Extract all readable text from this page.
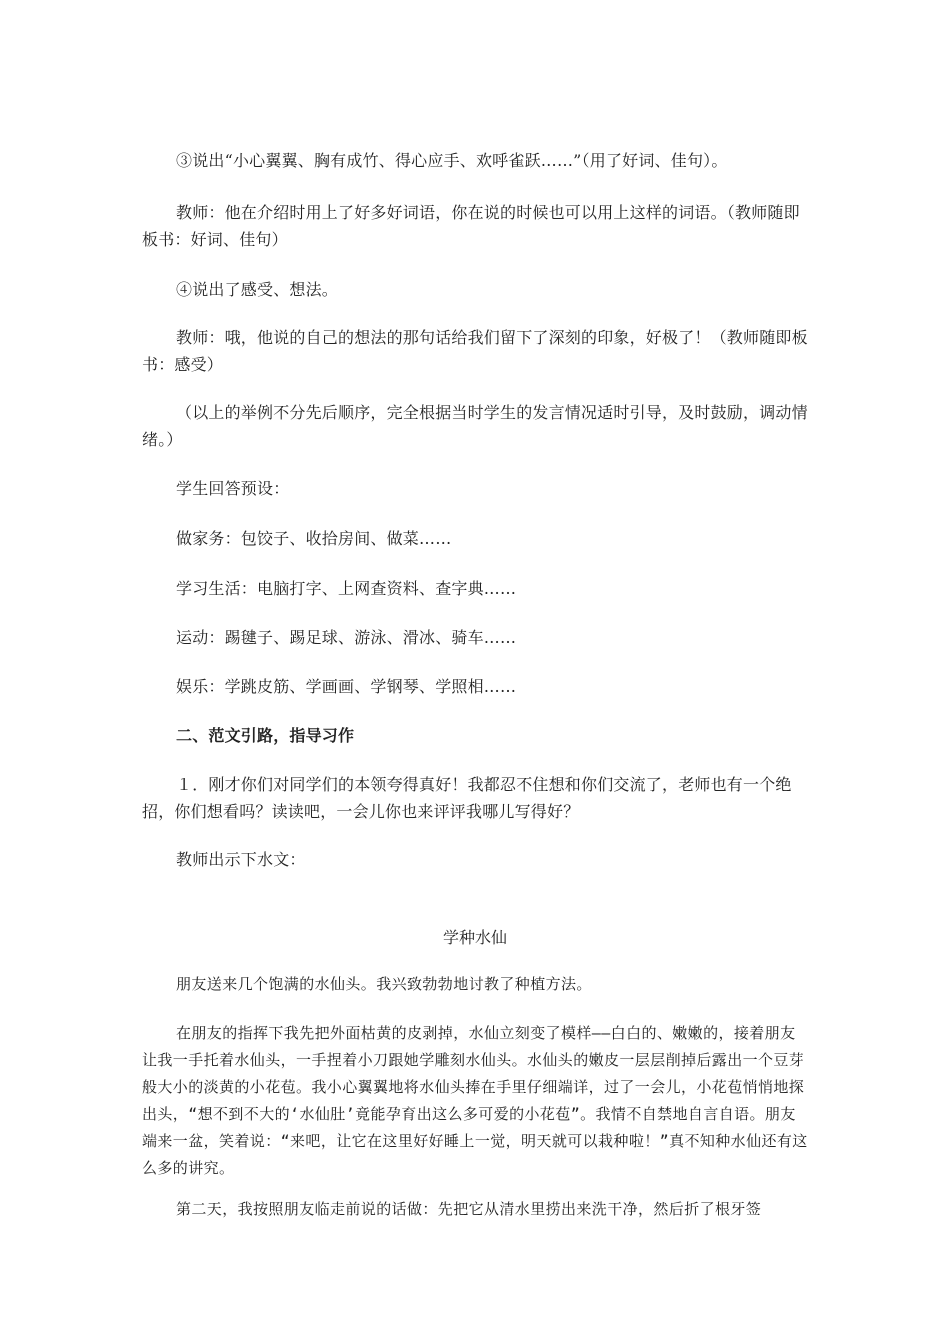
③说出“小心翼翼、胸有成竹、得心应手、欢呼雀跃……”（用了好词、佳句）。
教师：他在介绍时用上了好多好词语，你在说的时候也可以用上这样的词语。（教师随即板书：好词、佳句）
④说出了感受、想法。
教师：哦，他说的自己的想法的那句话给我们留下了深刻的印象，好极了！（教师随即板书：感受）
（以上的举例不分先后顺序，完全根据当时学生的发言情况适时引导，及时鼓励，调动情绪。）
学生回答预设：
做家务：包饺子、收拾房间、做菜……
学习生活：电脑打字、上网查资料、查字典……
运动：踢毽子、踢足球、游泳、滑冰、骑车……
娱乐：学跳皮筋、学画画、学钢琴、学照相……
二、范文引路，指导习作
１．刚才你们对同学们的本领夸得真好！我都忍不住想和你们交流了，老师也有一个绝招，你们想看吗？读读吧，一会儿你也来评评我哪儿写得好？
教师出示下水文：
学种水仙
朋友送来几个饱满的水仙头。我兴致勃勃地讨教了种植方法。
在朋友的指挥下我先把外面枯黄的皮剥掉，水仙立刻变了模样——白白的、嫩嫩的，接着朋友让我一手托着水仙头，一手捏着小刀跟她学雕刻水仙头。水仙头的嫩皮一层层削掉后露出一个豆芽般大小的淡黄的小花苞。我小心翼翼地将水仙头捧在手里仔细端详，过了一会儿，小花苞悄悄地探出头，“想不到不大的‘水仙肚’竟能孕育出这么多可爱的小花苞”。我情不自禁地自言自语。朋友端来一盆，笑着说：“来吧，让它在这里好好睡上一觉，明天就可以栽种啦！”真不知种水仙还有这么多的讲究。
第二天，我按照朋友临走前说的话做：先把它从清水里捞出来洗干净，然后折了根牙签
